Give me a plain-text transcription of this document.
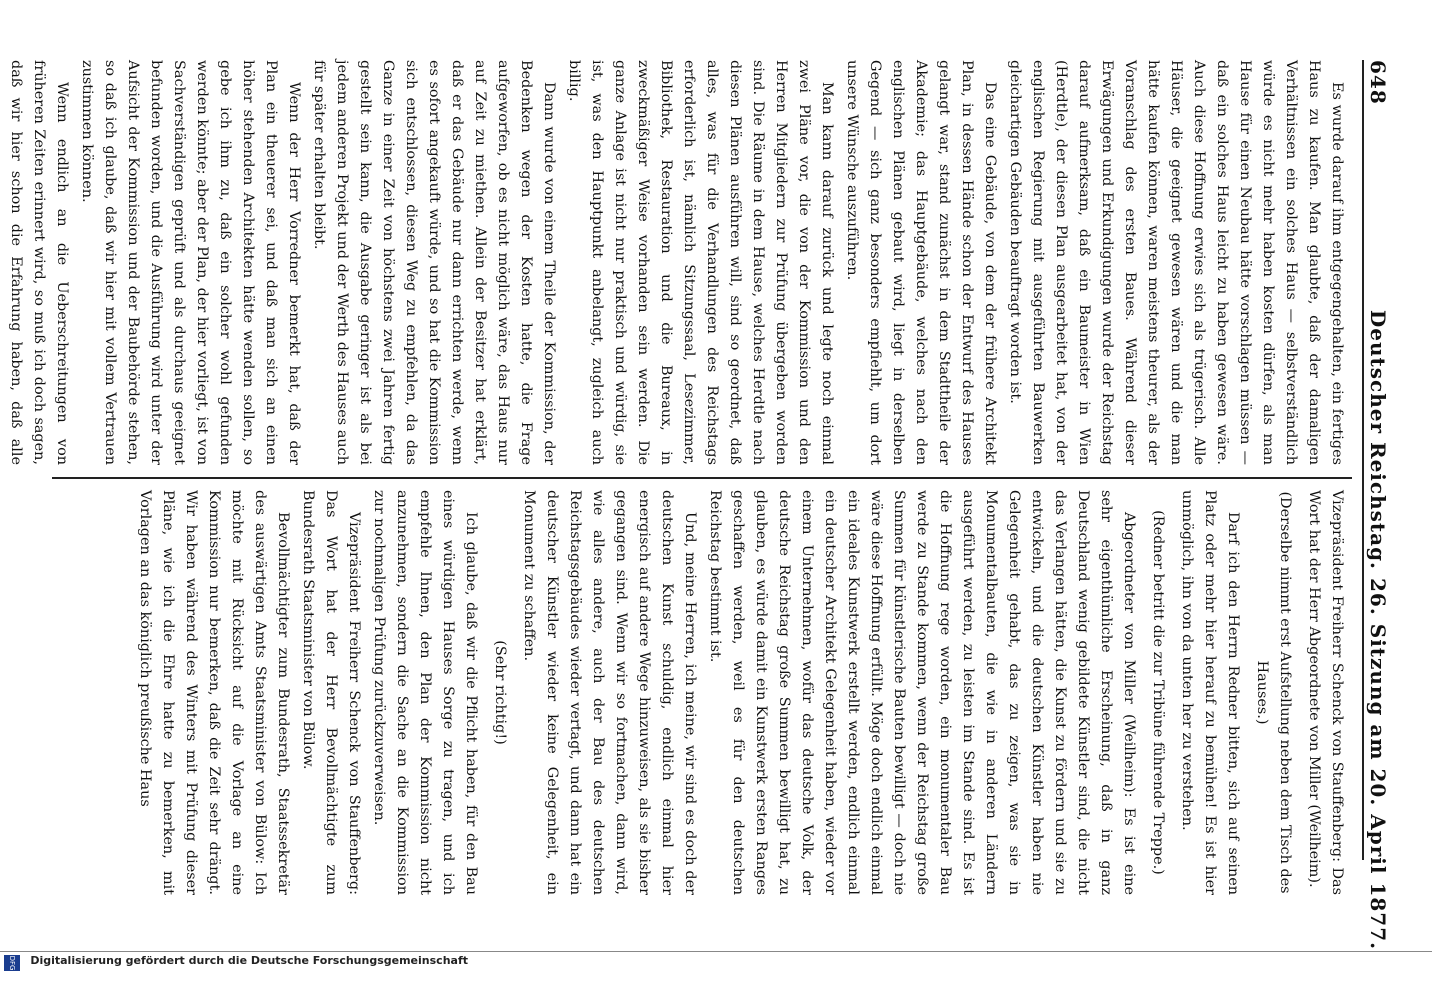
648
Deutscher Reichstag. 26. Sitzung am 20. April 1877.

Es wurde darauf ihm entgegengehalten, ein fertiges Haus zu kaufen. Man glaubte, daß der damaligen Verhältnissen ein solches Haus — selbstverständlich würde es nicht mehr haben kosten dürfen, als man Hause für einen Neubau hätte vorschlagen müssen — daß ein solches Haus leicht zu haben gewesen wäre. Auch diese Hoffnung erwies sich als trügerisch. Alle Häuser, die geeignet gewesen wären und die man hätte kaufen können, waren meistens theurer, als der Voranschlag des ersten Baues. Während dieser Erwägungen und Erkundigungen wurde der Reichstag darauf aufmerksam, daß ein Baumeister in Wien (Herdtle), der diesen Plan ausgearbeitet hat, von der englischen Regierung mit ausgeführten Bauwerken gleichartigen Gebäuden beauftragt worden ist.

Das eine Gebäude, von dem der frühere Architekt Plan, in dessen Hände schon der Entwurf des Hauses gelangt war, stand zunächst in dem Stadttheile der Akademie; das Hauptgebäude, welches nach den englischen Plänen gebaut wird, liegt in derselben Gegend — sich ganz besonders empfiehlt, um dort unsere Wünsche auszuführen.

Man kann darauf zurück und legte noch einmal zwei Pläne vor, die von der Kommission und den Herren Mitgliedern zur Prüfung übergeben worden sind. Die Räume in dem Hause, welches Herdtle nach diesen Plänen ausführen will, sind so geordnet, daß alles, was für die Verhandlungen des Reichstags erforderlich ist, nämlich Sitzungssaal, Lesezimmer, Bibliothek, Restauration und die Bureaux, in zweckmäßiger Weise vorhanden sein werden. Die ganze Anlage ist nicht nur praktisch und würdig, sie ist, was den Hauptpunkt anbelangt, zugleich auch billig.

Dann wurde von einem Theile der Kommission, der Bedenken wegen der Kosten hatte, die Frage aufgeworfen, ob es nicht möglich wäre, das Haus nur auf Zeit zu miethen. Allein der Besitzer hat erklärt, daß er das Gebäude nur dann errichten werde, wenn es sofort angekauft würde, und so hat die Kommission sich entschlossen, diesen Weg zu empfehlen, da das Ganze in einer Zeit von höchstens zwei Jahren fertig gestellt sein kann, die Ausgabe geringer ist als bei jedem anderen Projekt und der Werth des Hauses auch für später erhalten bleibt.

Wenn der Herr Vorredner bemerkt hat, daß der Plan ein theuerer sei, und daß man sich an einen höher stehenden Architekten hätte wenden sollen, so gebe ich ihm zu, daß ein solcher wohl gefunden werden könnte; aber der Plan, der hier vorliegt, ist von Sachverständigen geprüft und als durchaus geeignet befunden worden, und die Ausführung wird unter der Aufsicht der Kommission und der Baubehörde stehen, so daß ich glaube, daß wir hier mit vollem Vertrauen zustimmen können.

Wenn endlich an die Ueberschreitungen von früheren Zeiten erinnert wird, so muß ich doch sagen, daß wir hier schon die Erfahrung haben, daß alle

Vizepräsident Freiherr Schenck von Stauffenberg: Das Wort hat der Herr Abgeordnete von Miller (Weilheim).

(Derselbe nimmt erst Aufstellung neben dem Tisch des Hauses.)

Darf ich den Herrn Redner bitten, sich auf seinen Platz oder mehr hier herauf zu bemühen! Es ist hier unmöglich, ihn von da unten her zu verstehen.

(Redner betritt die zur Tribüne führende Treppe.)

Abgeordneter von Miller (Weilheim): Es ist eine sehr eigenthümliche Erscheinung, daß in ganz Deutschland wenig gebildete Künstler sind, die nicht das Verlangen hätten, die Kunst zu fördern und sie zu entwickeln, und die deutschen Künstler haben nie Gelegenheit gehabt, das zu zeigen, was sie in Monumentalbauten, die wie in anderen Ländern ausgeführt werden, zu leisten im Stande sind. Es ist die Hoffnung rege worden, ein monumentaler Bau werde zu Stande kommen, wenn der Reichstag große Summen für künstlerische Bauten bewilligt — doch nie wäre diese Hoffnung erfüllt. Möge doch endlich einmal ein ideales Kunstwerk erstellt werden, endlich einmal ein deutscher Architekt Gelegenheit haben, wieder vor einem Unternehmen, wofür das deutsche Volk, der deutsche Reichstag große Summen bewilligt hat, zu glauben, es würde damit ein Kunstwerk ersten Ranges geschaffen werden, weil es für den deutschen Reichstag bestimmt ist.

Und, meine Herren, ich meine, wir sind es doch der deutschen Kunst schuldig, endlich einmal hier energisch auf andere Wege hinzuweisen, als sie bisher gegangen sind. Wenn wir so fortmachen, dann wird, wie alles andere, auch der Bau des deutschen Reichstagsgebäudes wieder vertagt, und dann hat ein deutscher Künstler wieder keine Gelegenheit, ein Monument zu schaffen.

(Sehr richtig!)

Ich glaube, daß wir die Pflicht haben, für den Bau eines würdigen Hauses Sorge zu tragen, und ich empfehle Ihnen, den Plan der Kommission nicht anzunehmen, sondern die Sache an die Kommission zur nochmaligen Prüfung zurückzuverweisen.

Vizepräsident Freiherr Schenck von Stauffenberg: Das Wort hat der Herr Bevollmächtigte zum Bundesrath Staatsminister von Bülow.

Bevollmächtigter zum Bundesrath, Staatssekretär des auswärtigen Amts Staatsminister von Bülow: Ich möchte mit Rücksicht auf die Vorlage an eine Kommission nur bemerken, daß die Zeit sehr drängt. Wir haben während des Winters mit Prüfung dieser Pläne, wie ich die Ehre hatte zu bemerken, mit Vorlagen an das königlich preußische Haus

Digitalisierung gefördert durch die Deutsche Forschungsgemeinschaft
DFG
